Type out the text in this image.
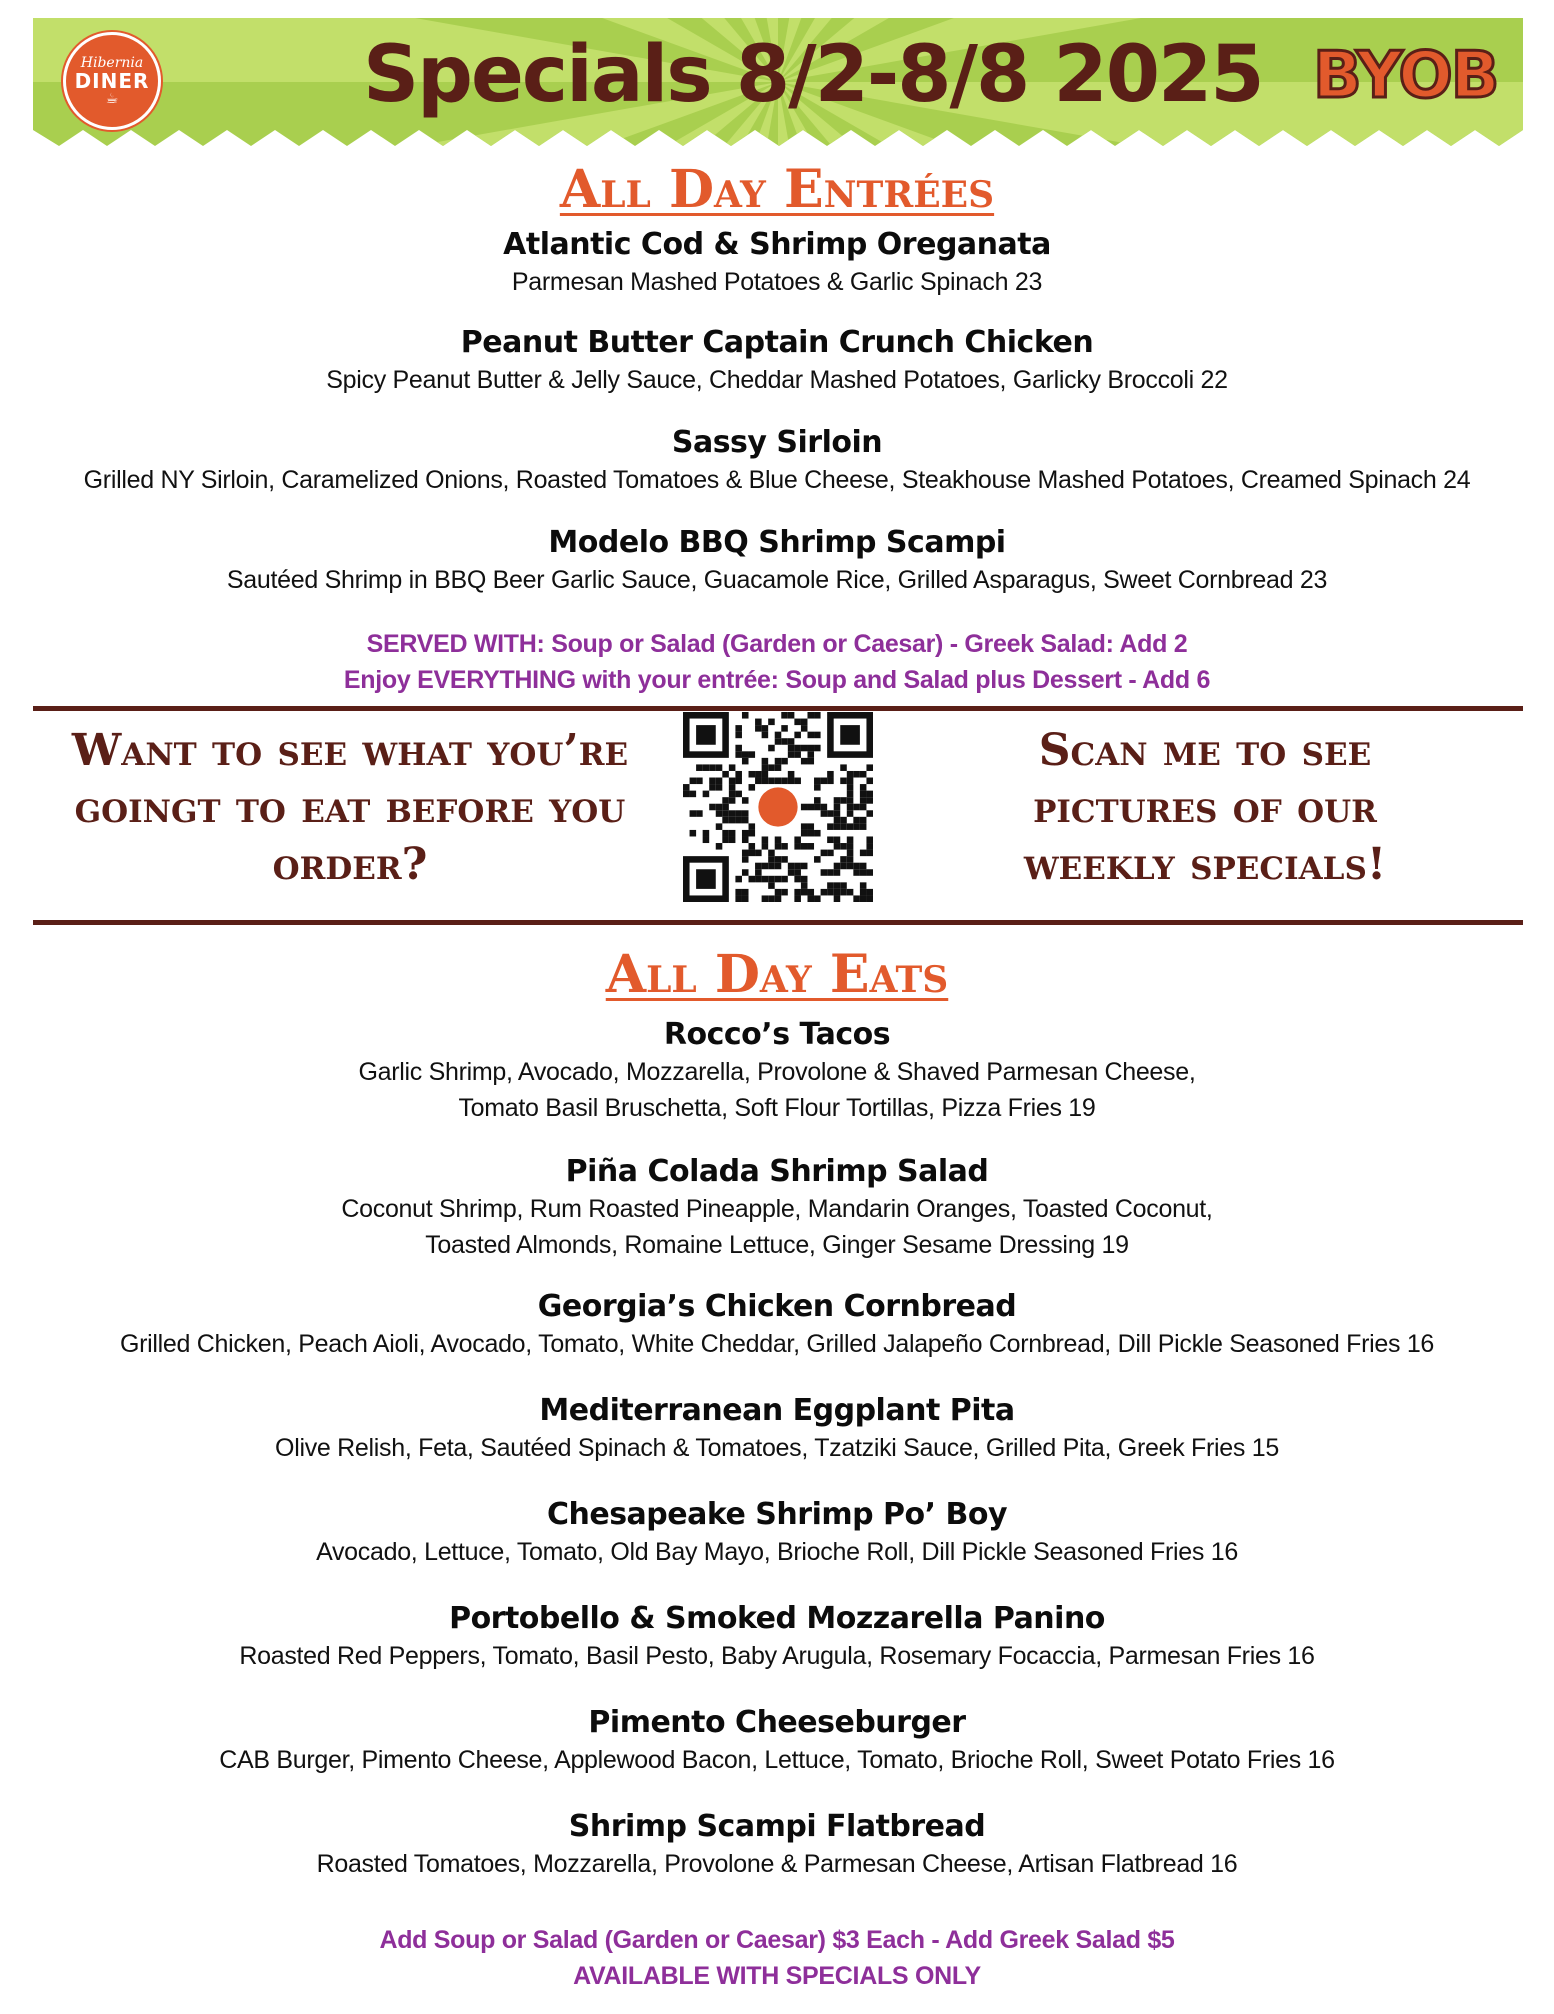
Hibernia
DINER
☕	Specials 8/2-8/8 2025 BYOB
All Day Entrées
Atlantic Cod & Shrimp Oreganata
Parmesan Mashed Potatoes & Garlic Spinach 23
Peanut Butter Captain Crunch Chicken
Spicy Peanut Butter & Jelly Sauce, Cheddar Mashed Potatoes, Garlicky Broccoli 22
Sassy Sirloin
Grilled NY Sirloin, Caramelized Onions, Roasted Tomatoes & Blue Cheese, Steakhouse Mashed Potatoes, Creamed Spinach 24
Modelo BBQ Shrimp Scampi
Sautéed Shrimp in BBQ Beer Garlic Sauce, Guacamole Rice, Grilled Asparagus, Sweet Cornbread 23
SERVED WITH: Soup or Salad (Garden or Caesar) - Greek Salad: Add 2
Enjoy EVERYTHING with your entrée: Soup and Salad plus Dessert - Add 6
Want to see what you’re
goingt to eat before you
order?
Scan me to see
pictures of our
weekly specials!
All Day Eats
Rocco’s Tacos
Garlic Shrimp, Avocado, Mozzarella, Provolone & Shaved Parmesan Cheese,
Tomato Basil Bruschetta, Soft Flour Tortillas, Pizza Fries 19
Piña Colada Shrimp Salad
Coconut Shrimp, Rum Roasted Pineapple, Mandarin Oranges, Toasted Coconut,
Toasted Almonds, Romaine Lettuce, Ginger Sesame Dressing 19
Georgia’s Chicken Cornbread
Grilled Chicken, Peach Aioli, Avocado, Tomato, White Cheddar, Grilled Jalapeño Cornbread, Dill Pickle Seasoned Fries 16
Mediterranean Eggplant Pita
Olive Relish, Feta, Sautéed Spinach & Tomatoes, Tzatziki Sauce, Grilled Pita, Greek Fries 15
Chesapeake Shrimp Po’ Boy
Avocado, Lettuce, Tomato, Old Bay Mayo, Brioche Roll, Dill Pickle Seasoned Fries 16
Portobello & Smoked Mozzarella Panino
Roasted Red Peppers, Tomato, Basil Pesto, Baby Arugula, Rosemary Focaccia, Parmesan Fries 16
Pimento Cheeseburger
CAB Burger, Pimento Cheese, Applewood Bacon, Lettuce, Tomato, Brioche Roll, Sweet Potato Fries 16
Shrimp Scampi Flatbread
Roasted Tomatoes, Mozzarella, Provolone & Parmesan Cheese, Artisan Flatbread 16
Add Soup or Salad (Garden or Caesar) $3 Each - Add Greek Salad $5
AVAILABLE WITH SPECIALS ONLY
